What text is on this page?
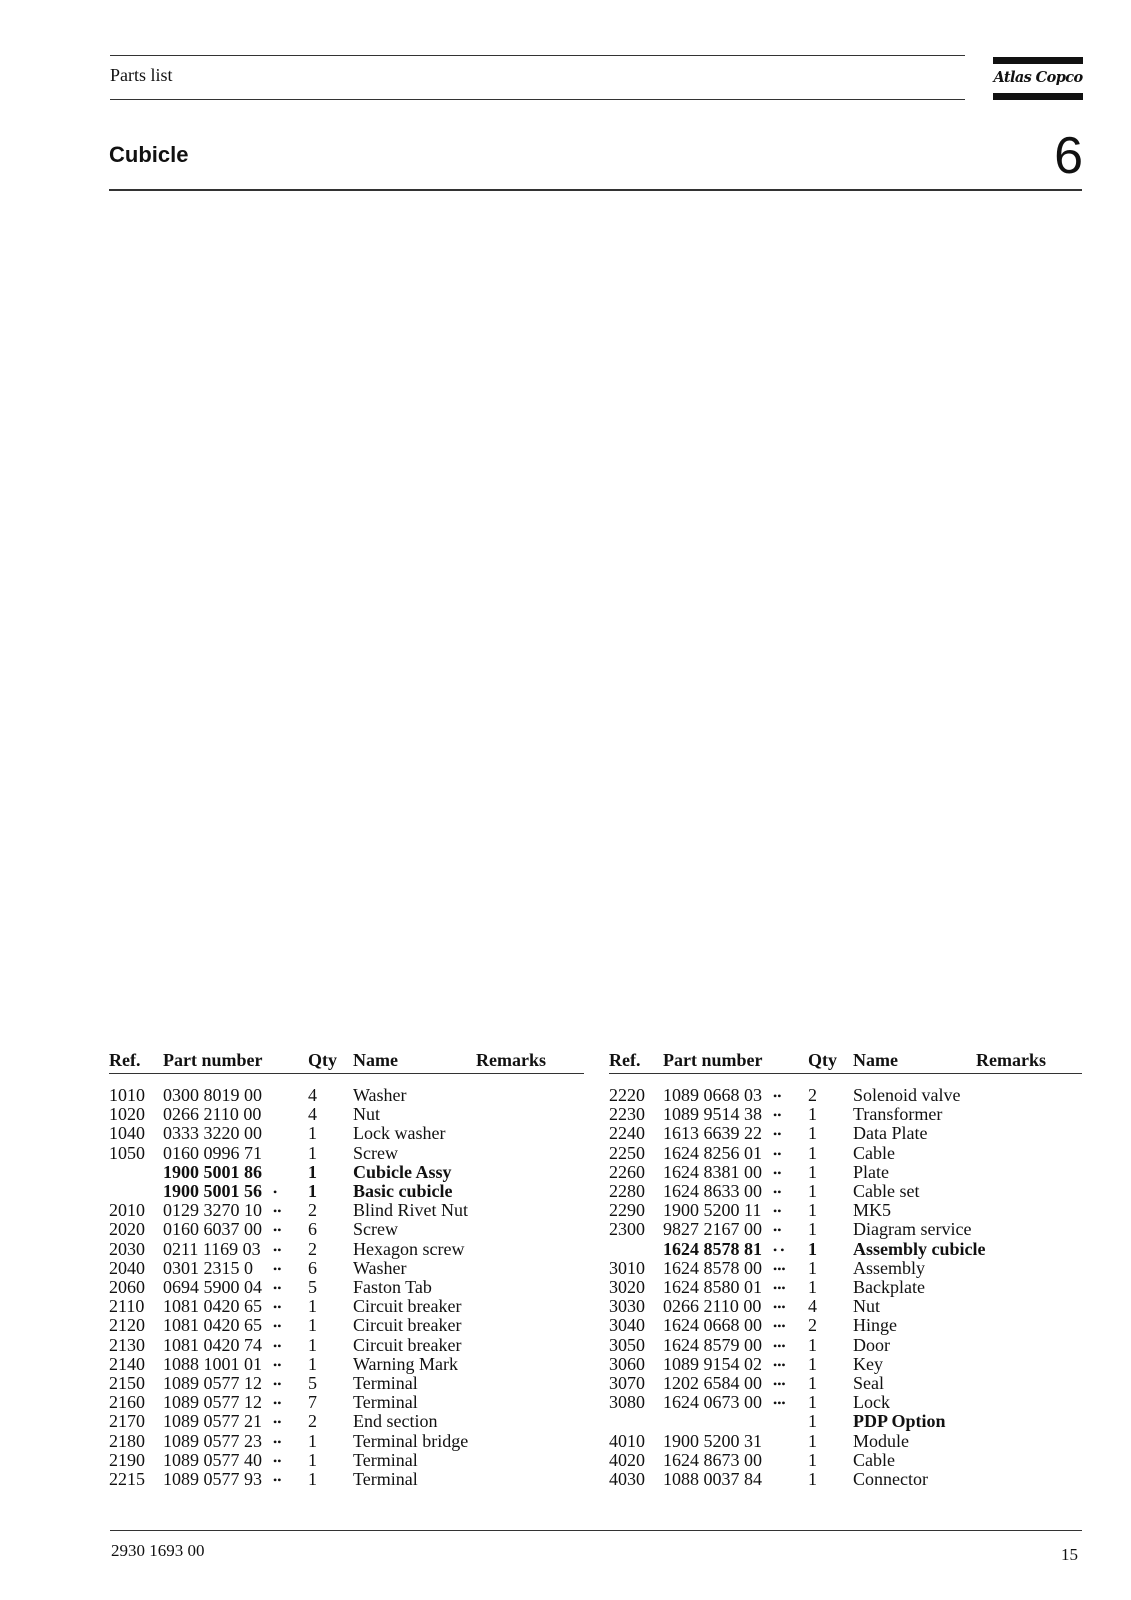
Parts list	Atlas Copco
Cubicle	6
Ref. Part number	Qty Name	Remarks
1010 0300 8019 00	4 Washer
1020 0266 2110 00	4 Nut
1040 0333 3220 00	1 Lock washer
1050 0160 0996 71	1 Screw
1900 5001 86	1 Cubicle Assy
1900 5001 56 • 1 Basic cubicle
2010 0129 3270 10 •• 2 Blind Rivet Nut
2020 0160 6037 00 •• 6 Screw
2030 0211 1169 03 •• 2 Hexagon screw
2040 0301 2315 0 •• 6 Washer
2060 0694 5900 04 •• 5 Faston Tab
2110 1081 0420 65 •• 1 Circuit breaker
2120 1081 0420 65 •• 1 Circuit breaker
2130 1081 0420 74 •• 1 Circuit breaker
2140 1088 1001 01 •• 1 Warning Mark
2150 1089 0577 12 •• 5 Terminal
2160 1089 0577 12 •• 7 Terminal
2170 1089 0577 21 •• 2 End section
2180 1089 0577 23 •• 1 Terminal bridge
2190 1089 0577 40 •• 1 Terminal
2215 1089 0577 93 •• 1 Terminal
Ref. Part number	Qty Name	Remarks
2220 1089 0668 03 •• 2 Solenoid valve
2230 1089 9514 38 •• 1 Transformer
2240 1613 6639 22 •• 1 Data Plate
2250 1624 8256 01 •• 1 Cable
2260 1624 8381 00 •• 1 Plate
2280 1624 8633 00 •• 1 Cable set
2290 1900 5200 11 •• 1 MK5
2300 9827 2167 00 •• 1 Diagram service
1624 8578 81 • • 1 Assembly cubicle
3010 1624 8578 00 ••• 1 Assembly
3020 1624 8580 01 ••• 1 Backplate
3030 0266 2110 00 ••• 4 Nut
3040 1624 0668 00 ••• 2 Hinge
3050 1624 8579 00 ••• 1 Door
3060 1089 9154 02 ••• 1 Key
3070 1202 6584 00 ••• 1 Seal
3080 1624 0673 00 ••• 1 Lock
1 PDP Option
4010 1900 5200 31	1 Module
4020 1624 8673 00	1 Cable
4030 1088 0037 84	1 Connector
2930 1693 00	15
